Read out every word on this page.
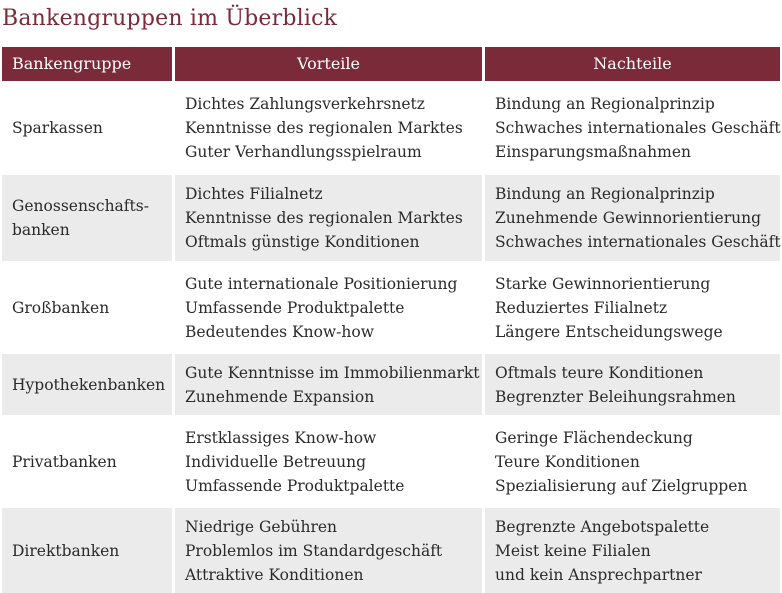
Bankengruppen im Überblick
Bankengruppe	Vorteile	Nachteile
Sparkassen
Dichtes Zahlungsverkehrsnetz
Kenntnisse des regionalen Marktes
Guter Verhandlungsspielraum
Bindung an Regionalprinzip
Schwaches internationales Geschäft
Einsparungsmaßnahmen
Genossenschafts-
banken
Dichtes Filialnetz
Kenntnisse des regionalen Marktes
Oftmals günstige Konditionen
Bindung an Regionalprinzip
Zunehmende Gewinnorientierung
Schwaches internationales Geschäft
Großbanken
Gute internationale Positionierung
Umfassende Produktpalette
Bedeutendes Know-how
Starke Gewinnorientierung
Reduziertes Filialnetz
Längere Entscheidungswege
Hypothekenbanken
Gute Kenntnisse im Immobilienmarkt
Zunehmende Expansion
Oftmals teure Konditionen
Begrenzter Beleihungsrahmen
Privatbanken
Erstklassiges Know-how
Individuelle Betreuung
Umfassende Produktpalette
Geringe Flächendeckung
Teure Konditionen
Spezialisierung auf Zielgruppen
Direktbanken
Niedrige Gebühren
Problemlos im Standardgeschäft
Attraktive Konditionen
Begrenzte Angebotspalette
Meist keine Filialen
und kein Ansprechpartner
